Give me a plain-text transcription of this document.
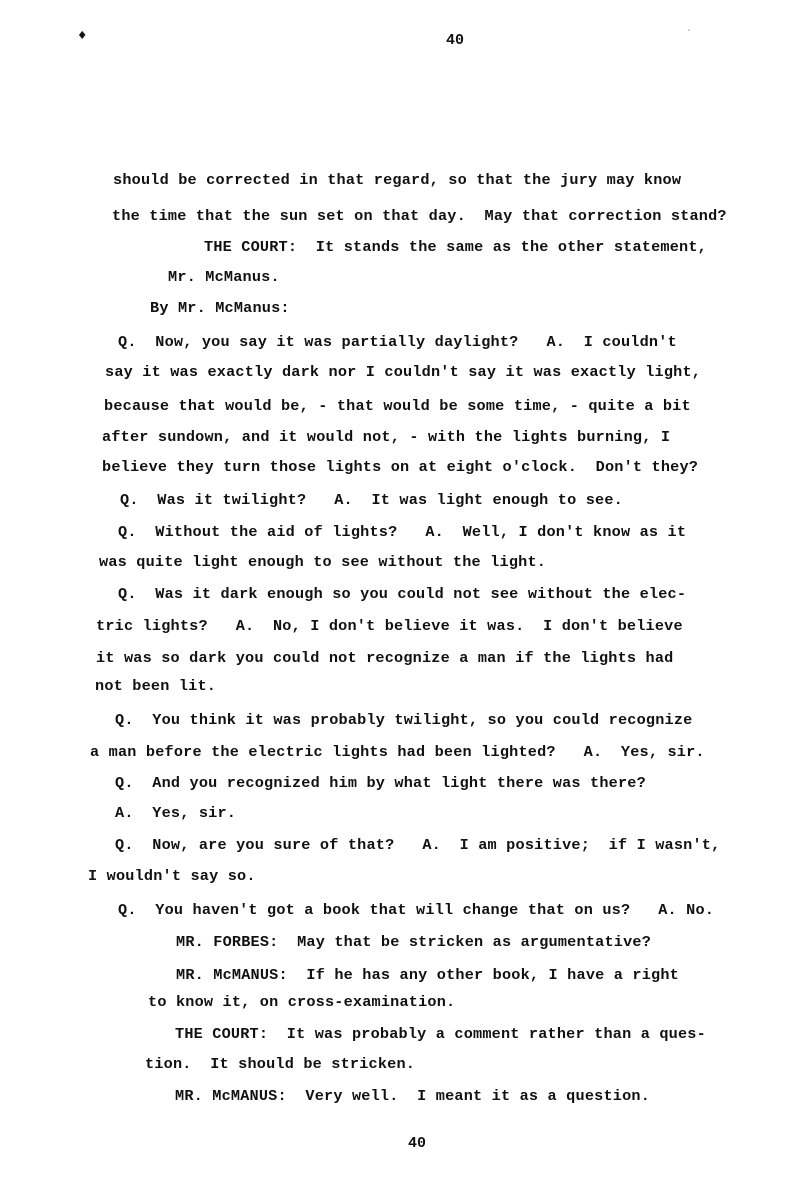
♦	40	˙
should be corrected in that regard, so that the jury may know
the time that the sun set on that day.  May that correction stand?
THE COURT:  It stands the same as the other statement,
Mr. McManus.
By Mr. McManus:
Q.  Now, you say it was partially daylight?   A.  I couldn't
say it was exactly dark nor I couldn't say it was exactly light,
because that would be, - that would be some time, - quite a bit
after sundown, and it would not, - with the lights burning, I
believe they turn those lights on at eight o'clock.  Don't they?
Q.  Was it twilight?   A.  It was light enough to see.
Q.  Without the aid of lights?   A.  Well, I don't know as it
was quite light enough to see without the light.
Q.  Was it dark enough so you could not see without the elec-
tric lights?   A.  No, I don't believe it was.  I don't believe
it was so dark you could not recognize a man if the lights had
not been lit.
Q.  You think it was probably twilight, so you could recognize
a man before the electric lights had been lighted?   A.  Yes, sir.
Q.  And you recognized him by what light there was there?
A.  Yes, sir.
Q.  Now, are you sure of that?   A.  I am positive;  if I wasn't,
I wouldn't say so.
Q.  You haven't got a book that will change that on us?   A. No.
MR. FORBES:  May that be stricken as argumentative?
MR. McMANUS:  If he has any other book, I have a right
to know it, on cross-examination.
THE COURT:  It was probably a comment rather than a ques-
tion.  It should be stricken.
MR. McMANUS:  Very well.  I meant it as a question.
40
